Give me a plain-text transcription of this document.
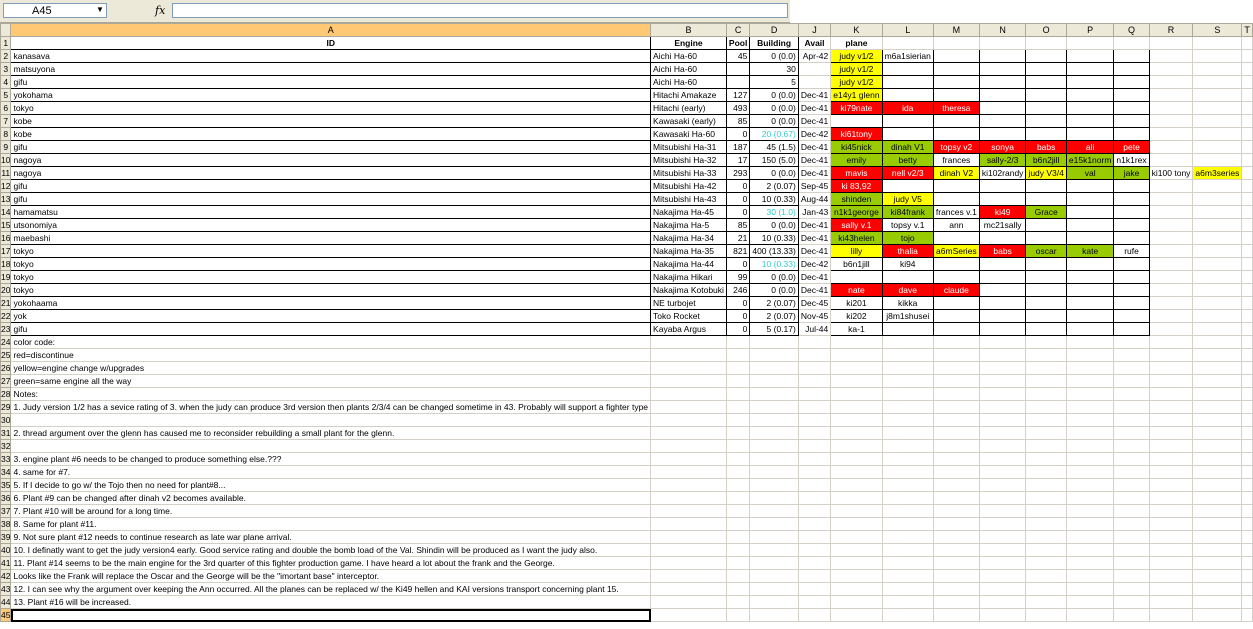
A45	▼	fx
	A	B	C	D	J	K	L	M	N	O	P	Q	R	S	T
1	ID	Engine	Pool	Building	Avail	plane									
2	kanasava	Aichi Ha-60	45	0 (0.0)	Apr-42	judy v1/2	m6a1sierian								
3	matsuyona	Aichi Ha-60		30		judy v1/2									
4	gifu	Aichi Ha-60		5		judy v1/2									
5	yokohama	Hitachi Amakaze	127	0 (0.0)	Dec-41	e14y1 glenn									
6	tokyo	Hitachi (early)	493	0 (0.0)	Dec-41	ki79nate	ida	theresa							
7	kobe	Kawasaki (early)	85	0 (0.0)	Dec-41										
8	kobe	Kawasaki Ha-60	0	20 (0.67)	Dec-42	ki61tony									
9	gifu	Mitsubishi Ha-31	187	45 (1.5)	Dec-41	ki45nick	dinah V1	topsy v2	sonya	babs	ali	pete			
10	nagoya	Mitsubishi Ha-32	17	150 (5.0)	Dec-41	emily	betty	frances	sally-2/3	b6n2jill	e15k1norm	n1k1rex			
11	nagoya	Mitsubishi Ha-33	293	0 (0.0)	Dec-41	mavis	nell v2/3	dinah V2	ki102randy	judy V3/4	val	jake	ki100 tony	a6m3series	
12	gifu	Mitsubishi Ha-42	0	2 (0.07)	Sep-45	ki 83,92									
13	gifu	Mitsubishi Ha-43	0	10 (0.33)	Aug-44	shinden	judy V5								
14	hamamatsu	Nakajima Ha-45	0	30 (1.0)	Jan-43	n1k1george	ki84frank	frances v.1	ki49	Grace					
15	utsonomiya	Nakajima Ha-5	85	0 (0.0)	Dec-41	sally v.1	topsy v.1	ann	mc21sally						
16	maebashi	Nakajima Ha-34	21	10 (0.33)	Dec-41	ki43helen	tojo								
17	tokyo	Nakajima Ha-35	821	400 (13.33)	Dec-41	lilly	thalia	a6mSeries	babs	oscar	kate	rufe			
18	tokyo	Nakajima Ha-44	0	10 (0.33)	Dec-42	b6n1jill	ki94								
19	tokyo	Nakajima Hikari	99	0 (0.0)	Dec-41										
20	tokyo	Nakajima Kotobuki	246	0 (0.0)	Dec-41	nate	dave	claude							
21	yokohaama	NE turbojet	0	2 (0.07)	Dec-45	ki201	kikka								
22	yok	Toko Rocket	0	2 (0.07)	Nov-45	ki202	j8m1shusei								
23	gifu	Kayaba Argus	0	5 (0.17)	Jul-44	ka-1									
24	color code:														
25	red=discontinue														
26	yellow=engine change w/upgrades														
27	green=same engine all the way														
28	Notes:														
29	1. Judy version 1/2 has a sevice rating of 3. when the judy can produce 3rd version then plants 2/3/4 can be changed sometime in 43. Probably will support a fighter type														
30															
31	2. thread argument over the glenn has caused me to reconsider rebuilding a small plant for the glenn.														
32															
33	3. engine plant #6 needs to be changed to produce something else.???														
34	4. same for #7.														
35	5. If I decide to go w/ the Tojo then no need for plant#8...														
36	6. Plant #9 can be changed after dinah v2 becomes available.														
37	7. Plant #10 will be around for a long time.														
38	8. Same for plant #11.														
39	9. Not sure plant #12 needs to continue research as late war plane arrival.														
40	10. I definatly want to get the judy version4 early. Good service rating and double the bomb load of the Val. Shindin will be produced as I want the judy also.														
41	11. Plant #14 seems to be the main engine for the 3rd quarter of this fighter production game. I have heard a lot about the frank and the George.														
42	Looks like the Frank will replace the Oscar and the George will be the "imortant base" interceptor.														
43	12. I can see why the argument over keeping the Ann occurred. All the planes can be replaced w/ the Ki49 hellen and KAI versions transport concerning plant 15.														
44	13. Plant #16 will be increased.														
45															
